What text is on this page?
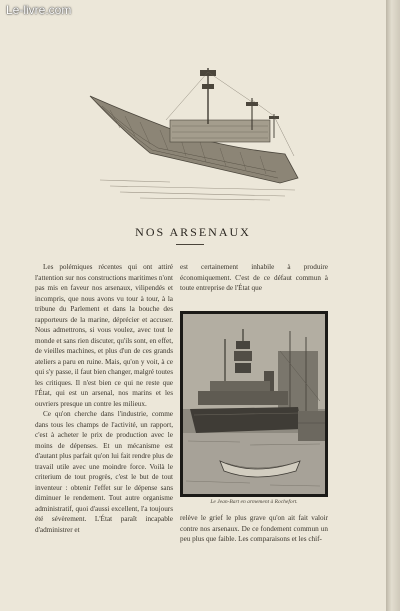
Le-livre.com
NOS ARSENAUX

Les polémiques récentes qui ont attiré l'attention sur nos constructions maritimes n'ont pas mis en faveur nos arsenaux, vilipendés et incompris, que nous avons vu tour à tour, à la tribune du Parlement et dans la bouche des rapporteurs de la marine, déprécier et accuser. Nous admettrons, si vous voulez, avec tout le monde et sans rien discuter, qu'ils sont, en effet, de vieilles machines, et plus d'un de ces grands ateliers a paru en ruine. Mais, qu'on y voit, à ce qui s'y passe, il faut bien changer, malgré toutes les critiques. Il n'est bien ce qui ne reste que l'État, qui est un arsenal, nos marins et les ouvriers presque un contre les milieux.

Ce qu'on cherche dans l'industrie, comme dans tous les champs de l'activité, un rapport, c'est à acheter le prix de production avec le moins de dépenses. Et un mécanisme est d'autant plus parfait qu'on lui fait rendre plus de travail utile avec une moindre force. Voilà le criterium de tout progrès, c'est le but de tout inventeur : obtenir l'effet sur le dépense sans diminuer le rendement. Tout autre organisme administratif, quoi d'aussi excellent, l'a toujours été sévèrement. L'État paraît incapable d'administrer et

est certainement inhabile à produire économiquement. C'est de ce défaut commun à toute entreprise de l'État que

Le Jean-Bart en armement à Rochefort.

relève le grief le plus grave qu'on ait fait valoir contre nos arsenaux. De ce fondement commun un peu plus que faible. Les comparaisons et les chif-
